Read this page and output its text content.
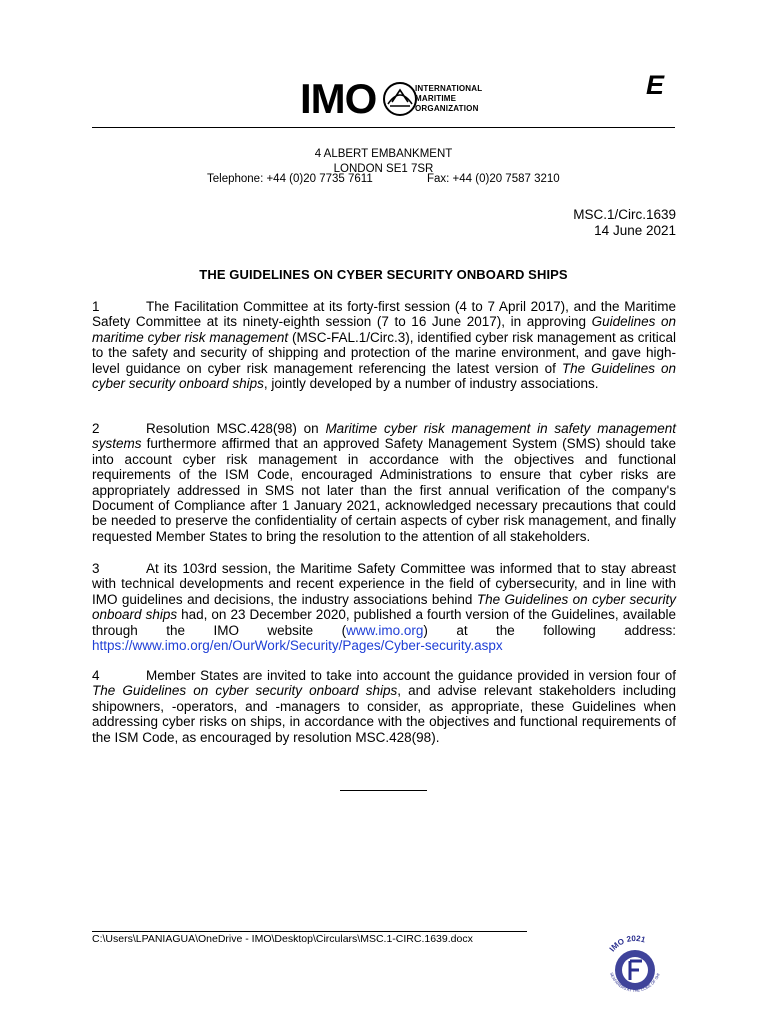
IMO	INTERNATIONAL
MARITIME
ORGANIZATION
E
4 ALBERT EMBANKMENT
LONDON SE1 7SR
Telephone: +44 (0)20 7735 7611	Fax: +44 (0)20 7587 3210
MSC.1/Circ.1639
14 June 2021
THE GUIDELINES ON CYBER SECURITY ONBOARD SHIPS
1	The Facilitation Committee at its forty-first session (4 to 7 April 2017), and the Maritime Safety Committee at its ninety-eighth session (7 to 16 June 2017), in approving Guidelines on maritime cyber risk management (MSC-FAL.1/Circ.3), identified cyber risk management as critical to the safety and security of shipping and protection of the marine environment, and gave high-level guidance on cyber risk management referencing the latest version of The Guidelines on cyber security onboard ships, jointly developed by a number of industry associations.
2	Resolution MSC.428(98) on Maritime cyber risk management in safety management systems furthermore affirmed that an approved Safety Management System (SMS) should take into account cyber risk management in accordance with the objectives and functional requirements of the ISM Code, encouraged Administrations to ensure that cyber risks are appropriately addressed in SMS not later than the first annual verification of the company's Document of Compliance after 1 January 2021, acknowledged necessary precautions that could be needed to preserve the confidentiality of certain aspects of cyber risk management, and finally requested Member States to bring the resolution to the attention of all stakeholders.
3	At its 103rd session, the Maritime Safety Committee was informed that to stay abreast with technical developments and recent experience in the field of cybersecurity, and in line with IMO guidelines and decisions, the industry associations behind The Guidelines on cyber security onboard ships had, on 23 December 2020, published a fourth version of the Guidelines, available through the IMO website (www.imo.org) at the following address: https://www.imo.org/en/OurWork/Security/Pages/Cyber-security.aspx
4	Member States are invited to take into account the guidance provided in version four of The Guidelines on cyber security onboard ships, and advise relevant stakeholders including shipowners, -operators, and -managers to consider, as appropriate, these Guidelines when addressing cyber risks on ships, in accordance with the objectives and functional requirements of the ISM Code, as encouraged by resolution MSC.428(98).
C:\Users\LPANIAGUA\OneDrive - IMO\Desktop\Circulars\MSC.1-CIRC.1639.docx
IMO 2021
SEAFARERS AT THE CORE OF SHI
